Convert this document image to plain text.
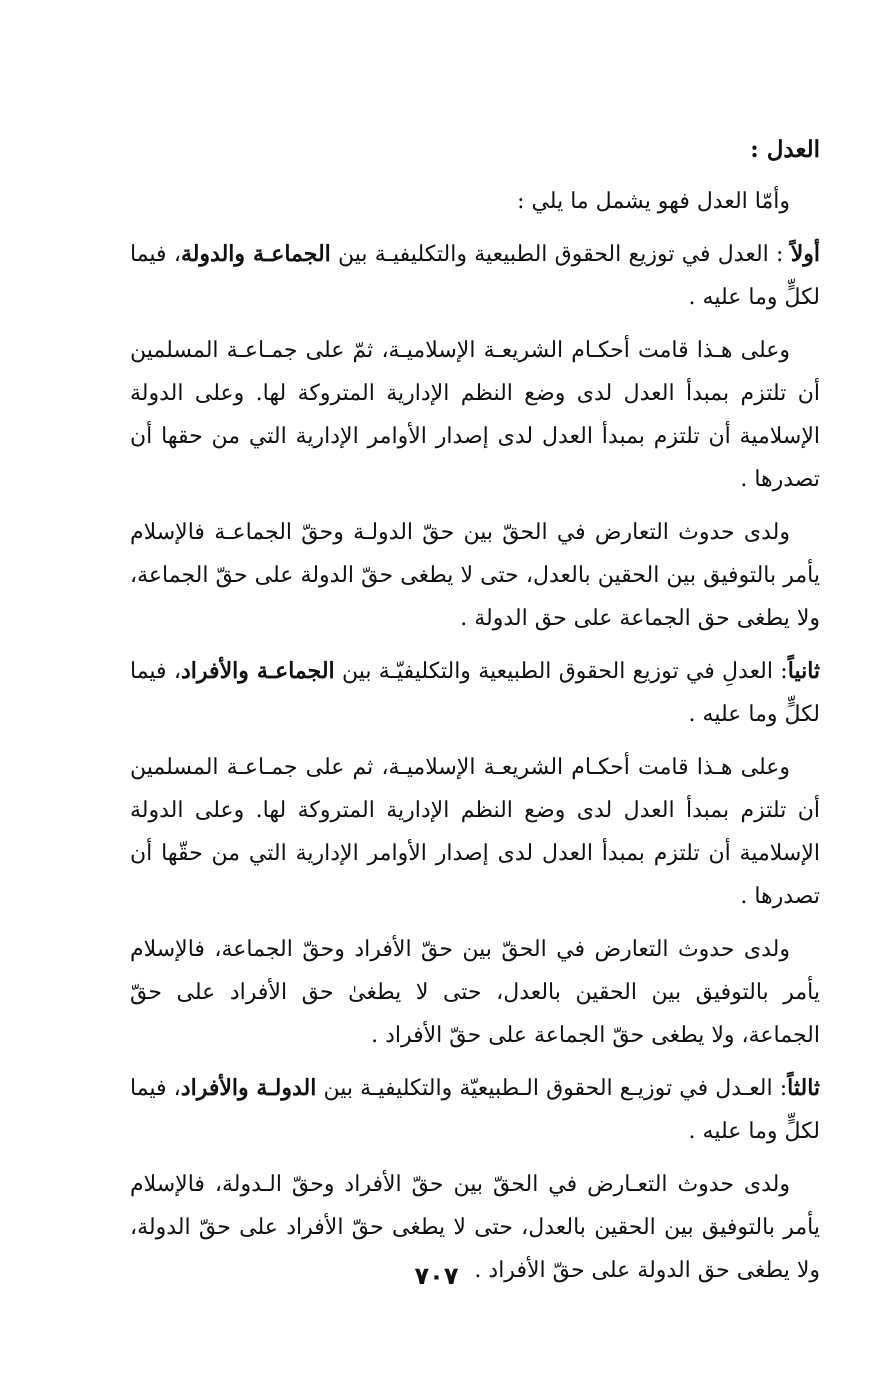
العدل :

وأمّا العدل فهو يشمل ما يلي :

أولاً : العدل في توزيع الحقوق الطبيعية والتكليفيـة بين الجماعـة والدولة، فيما لكلٍّ وما عليه .

وعلى هـذا قامت أحكـام الشريعـة الإسلاميـة، ثمّ على جمـاعـة المسلمين أن تلتزم بمبدأ العدل لدى وضع النظم الإدارية المتروكة لها. وعلى الدولة الإسلامية أن تلتزم بمبدأ العدل لدى إصدار الأوامر الإدارية التي من حقها أن تصدرها .

ولدى حدوث التعارض في الحقّ بين حقّ الدولـة وحقّ الجماعـة فالإسلام يأمر بالتوفيق بين الحقين بالعدل، حتى لا يطغى حقّ الدولة على حقّ الجماعة، ولا يطغى حق الجماعة على حق الدولة .

ثانياً: العدلِ في توزيع الحقوق الطبيعية والتكليفيّـة بين الجماعـة والأفراد، فيما لكلٍّ وما عليه .

وعلى هـذا قامت أحكـام الشريعـة الإسلاميـة، ثم على جمـاعـة المسلمين أن تلتزم بمبدأ العدل لدى وضع النظم الإدارية المتروكة لها. وعلى الدولة الإسلامية أن تلتزم بمبدأ العدل لدى إصدار الأوامر الإدارية التي من حقّها أن تصدرها .

ولدى حدوث التعارض في الحقّ بين حقّ الأفراد وحقّ الجماعة، فالإسلام يأمر بالتوفيق بين الحقين بالعدل، حتى لا يطغىٰ حق الأفراد على حقّ الجماعة، ولا يطغى حقّ الجماعة على حقّ الأفراد .

ثالثاً: العـدل في توزيـع الحقوق الـطبيعيّة والتكليفيـة بين الدولـة والأفراد، فيما لكلٍّ وما عليه .

ولدى حدوث التعـارض في الحقّ بين حقّ الأفراد وحقّ الـدولة، فالإسلام يأمر بالتوفيق بين الحقين بالعدل، حتى لا يطغى حقّ الأفراد على حقّ الدولة، ولا يطغى حق الدولة على حقّ الأفراد .

٧٠٧
